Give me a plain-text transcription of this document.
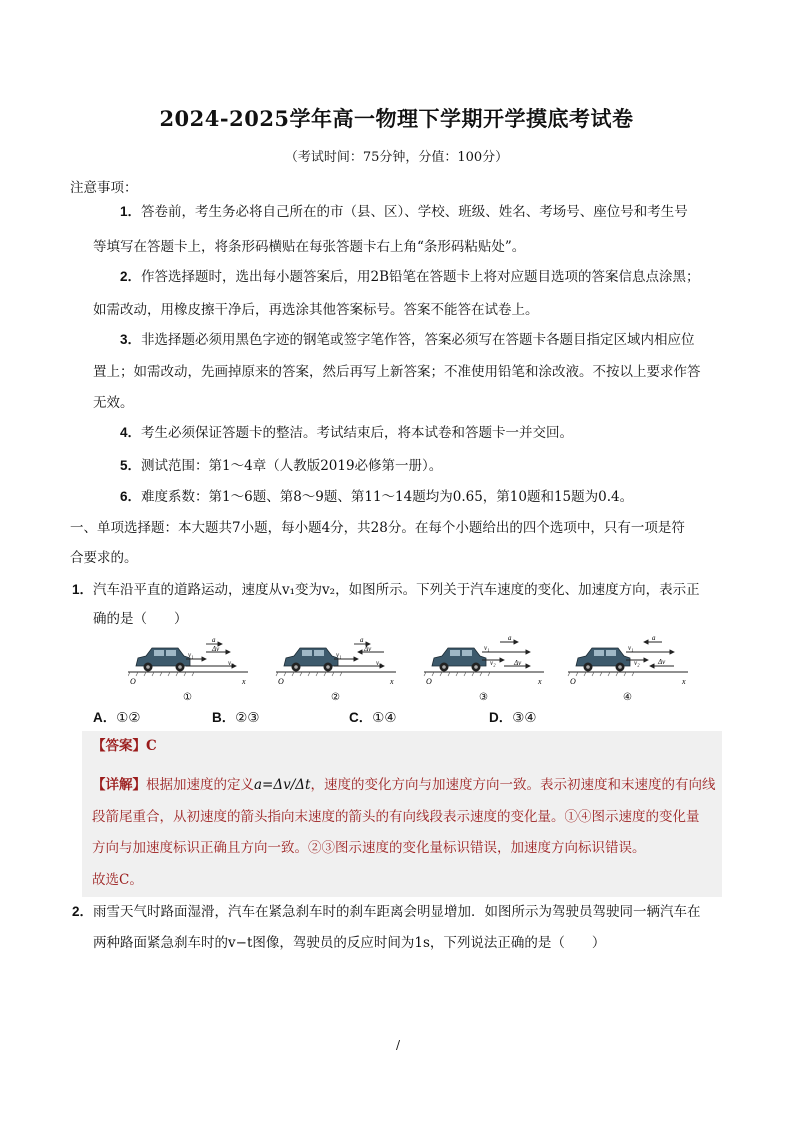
2024-2025学年高一物理下学期开学摸底考试卷
（考试时间：75分钟，分值：100分）
注意事项：
1．答卷前，考生务必将自己所在的市（县、区）、学校、班级、姓名、考场号、座位号和考生号
等填写在答题卡上，将条形码横贴在每张答题卡右上角“条形码粘贴处”。
2．作答选择题时，选出每小题答案后，用2B铅笔在答题卡上将对应题目选项的答案信息点涂黑；
如需改动，用橡皮擦干净后，再选涂其他答案标号。答案不能答在试卷上。
3．非选择题必须用黑色字迹的钢笔或签字笔作答，答案必须写在答题卡各题目指定区域内相应位
置上；如需改动，先画掉原来的答案，然后再写上新答案；不准使用铅笔和涂改液。不按以上要求作答
无效。
4．考生必须保证答题卡的整洁。考试结束后，将本试卷和答题卡一并交回。
5．测试范围：第1～4章（人教版2019必修第一册）。
6．难度系数：第1～6题、第8～9题、第11～14题均为0.65，第10题和15题为0.4。
一、单项选择题：本大题共7小题，每小题4分，共28分。在每个小题给出的四个选项中，只有一项是符
合要求的。
1．汽车沿平直的道路运动，速度从v₁变为v₂，如图所示。下列关于汽车速度的变化、加速度方向，表示正
确的是（　　）
v₁
v₂
Δv
a
O	x
①
v₁
v₂
Δv
a
O	x
②
v₁
v₂	Δv
a
O	x
③
v₁
v₂	Δv
a
O	x
④
A．①②	B．②③	C．①④	D．③④
【答案】C
【详解】根据加速度的定义a=Δv/Δt，速度的变化方向与加速度方向一致。表示初速度和末速度的有向线
段箭尾重合，从初速度的箭头指向末速度的箭头的有向线段表示速度的变化量。①④图示速度的变化量
方向与加速度标识正确且方向一致。②③图示速度的变化量标识错误，加速度方向标识错误。
故选C。
2．雨雪天气时路面湿滑，汽车在紧急刹车时的刹车距离会明显增加．如图所示为驾驶员驾驶同一辆汽车在
两种路面紧急刹车时的v−t图像，驾驶员的反应时间为1s，下列说法正确的是（　　）
/
